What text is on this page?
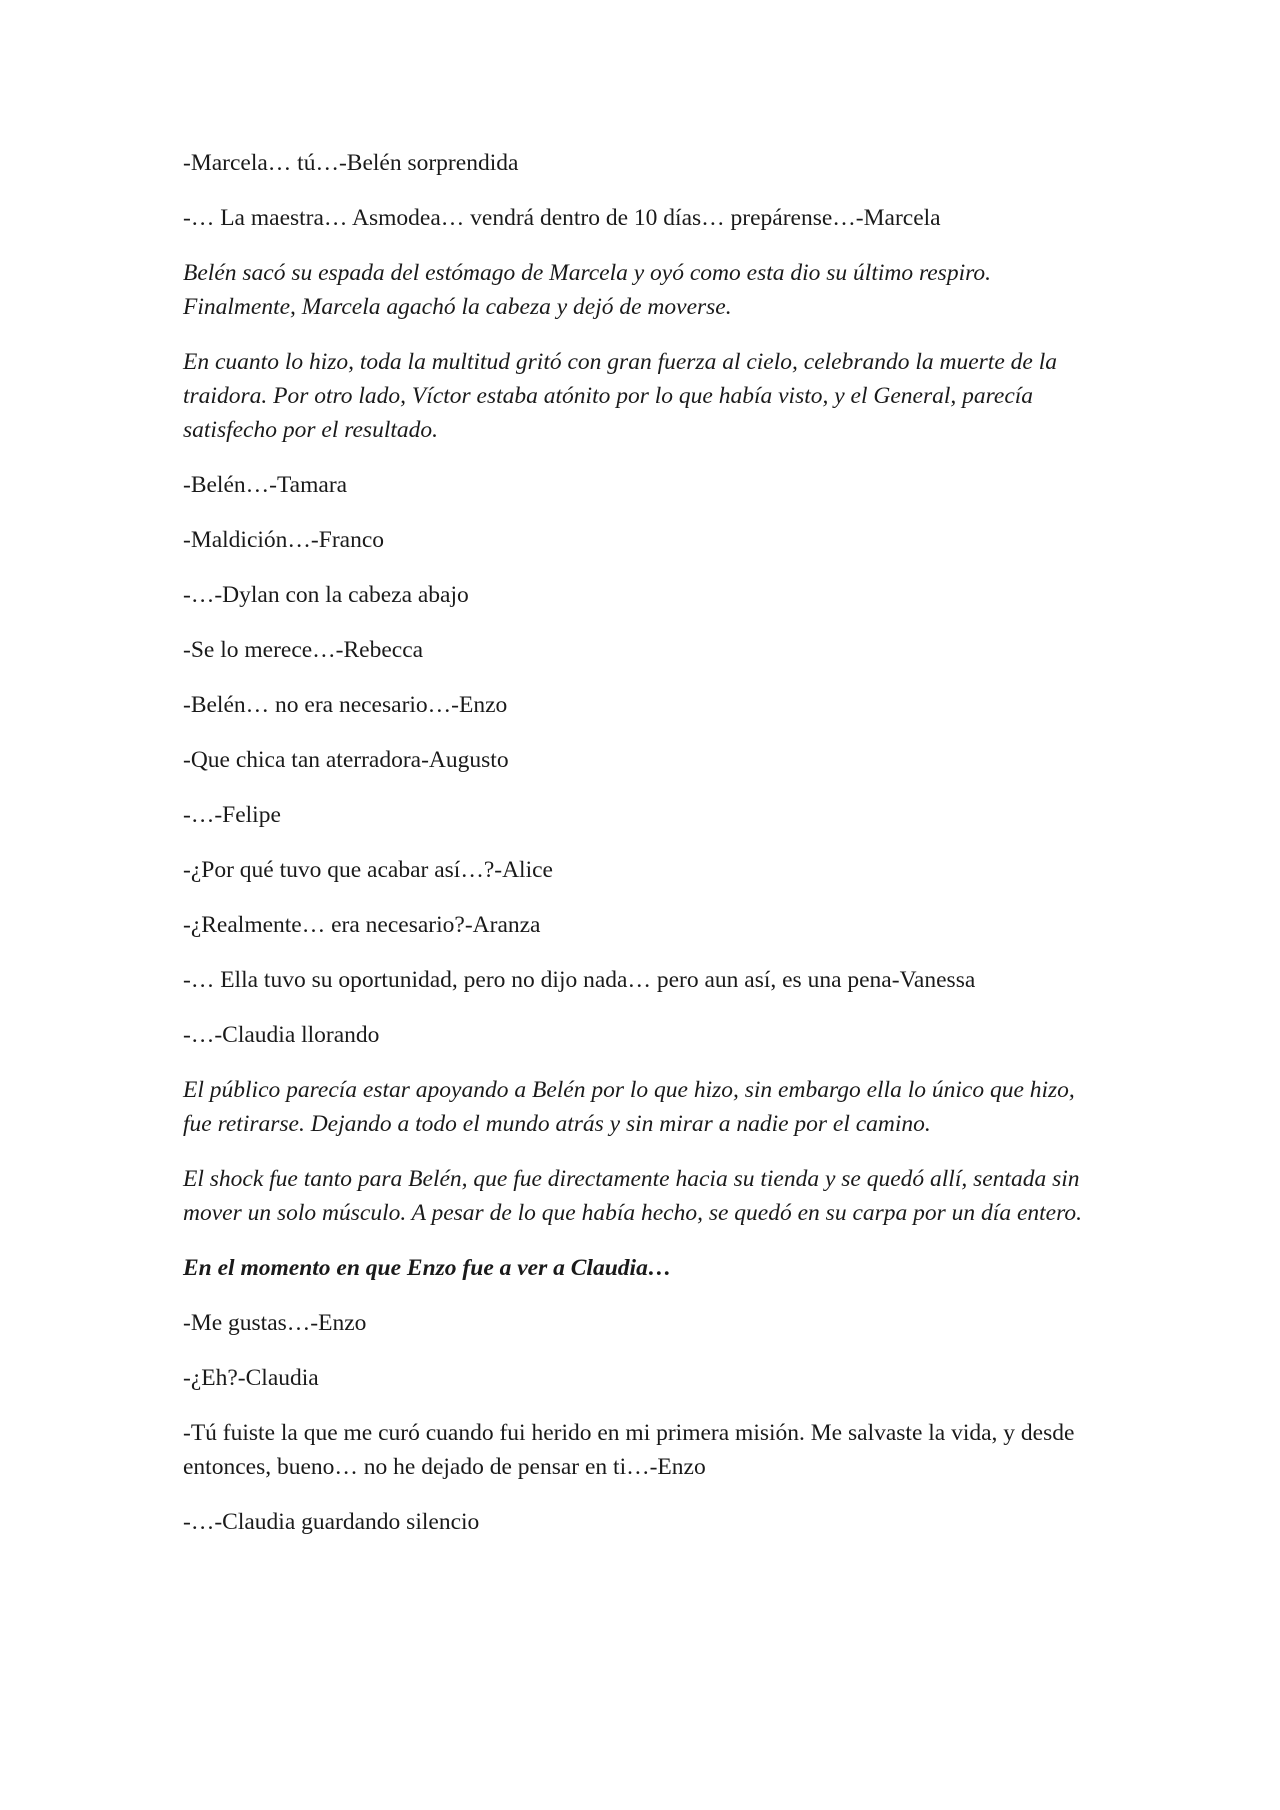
-Marcela… tú…-Belén sorprendida

-… La maestra… Asmodea… vendrá dentro de 10 días… prepárense…-Marcela

Belén sacó su espada del estómago de Marcela y oyó como esta dio su último respiro. Finalmente, Marcela agachó la cabeza y dejó de moverse.

En cuanto lo hizo, toda la multitud gritó con gran fuerza al cielo, celebrando la muerte de la traidora. Por otro lado, Víctor estaba atónito por lo que había visto, y el General, parecía satisfecho por el resultado.

-Belén…-Tamara

-Maldición…-Franco

-…-Dylan con la cabeza abajo

-Se lo merece…-Rebecca

-Belén… no era necesario…-Enzo

-Que chica tan aterradora-Augusto

-…-Felipe

-¿Por qué tuvo que acabar así…?-Alice

-¿Realmente… era necesario?-Aranza

-… Ella tuvo su oportunidad, pero no dijo nada… pero aun así, es una pena-Vanessa

-…-Claudia llorando

El público parecía estar apoyando a Belén por lo que hizo, sin embargo ella lo único que hizo, fue retirarse. Dejando a todo el mundo atrás y sin mirar a nadie por el camino.

El shock fue tanto para Belén, que fue directamente hacia su tienda y se quedó allí, sentada sin mover un solo músculo. A pesar de lo que había hecho, se quedó en su carpa por un día entero.

En el momento en que Enzo fue a ver a Claudia…

-Me gustas…-Enzo

-¿Eh?-Claudia

-Tú fuiste la que me curó cuando fui herido en mi primera misión. Me salvaste la vida, y desde entonces, bueno… no he dejado de pensar en ti…-Enzo

-…-Claudia guardando silencio
